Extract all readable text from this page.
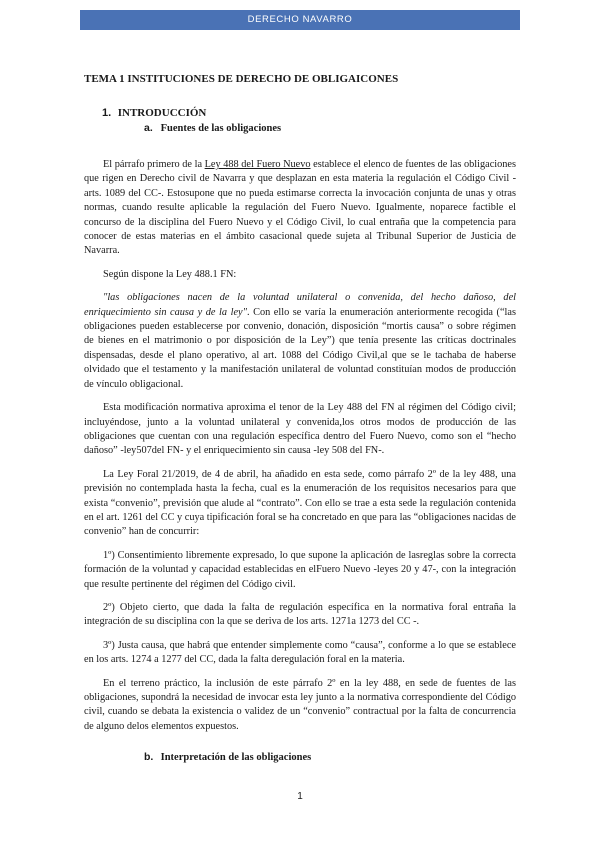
DERECHO NAVARRO
TEMA 1 INSTITUCIONES DE DERECHO DE OBLIGAICONES
1. INTRODUCCIÓN
a. Fuentes de las obligaciones

El párrafo primero de la Ley 488 del Fuero Nuevo establece el elenco de fuentes de las obligaciones que rigen en Derecho civil de Navarra y que desplazan en esta materia la regulación el Código Civil -arts. 1089 del CC-. Estosupone que no pueda estimarse correcta la invocación conjunta de unas y otras normas, cuando resulte aplicable la regulación del Fuero Nuevo. Igualmente, noparece factible el concurso de la disciplina del Fuero Nuevo y el Código Civil, lo cual entraña que la competencia para conocer de estas materias en el ámbito casacional quede sujeta al Tribunal Superior de Justicia de Navarra.

Según dispone la Ley 488.1 FN:

"las obligaciones nacen de la voluntad unilateral o convenida, del hecho dañoso, del enriquecimiento sin causa y de la ley". Con ello se varía la enumeración anteriormente recogida (“las obligaciones pueden establecerse por convenio, donación, disposición “mortis causa” o sobre régimen de bienes en el matrimonio o por disposición de la Ley”) que tenía presente las críticas doctrinales dispensadas, desde el plano operativo, al art. 1088 del Código Civil,al que se le tachaba de haberse olvidado que el testamento y la manifestación unilateral de voluntad constituían modos de producción de vínculo obligacional.

Esta modificación normativa aproxima el tenor de la Ley 488 del FN al régimen del Código civil; incluyéndose, junto a la voluntad unilateral y convenida,los otros modos de producción de las obligaciones que cuentan con una regulación específica dentro del Fuero Nuevo, como son el “hecho dañoso” -ley507del FN- y el enriquecimiento sin causa -ley 508 del FN-.

La Ley Foral 21/2019, de 4 de abril, ha añadido en esta sede, como párrafo 2º de la ley 488, una previsión no contemplada hasta la fecha, cual es la enumeración de los requisitos necesarios para que exista “convenio”, previsión que alude al “contrato”. Con ello se trae a esta sede la regulación contenida en el art. 1261 del CC y cuya tipificación foral se ha concretado en que para las “obligaciones nacidas de convenio” han de concurrir:

1º) Consentimiento libremente expresado, lo que supone la aplicación de lasreglas sobre la correcta formación de la voluntad y capacidad establecidas en elFuero Nuevo -leyes 20 y 47-, con la integración que resulte pertinente del régimen del Código civil.

2º) Objeto cierto, que dada la falta de regulación específica en la normativa foral entraña la integración de su disciplina con la que se deriva de los arts. 1271a 1273 del CC -.

3º) Justa causa, que habrá que entender simplemente como “causa”, conforme a lo que se establece en los arts. 1274 a 1277 del CC, dada la falta deregulación foral en la materia.

En el terreno práctico, la inclusión de este párrafo 2º en la ley 488, en sede de fuentes de las obligaciones, supondrá la necesidad de invocar esta ley junto a la normativa correspondiente del Código civil, cuando se debata la existencia o validez de un “convenio” contractual por la falta de concurrencia de alguno delos elementos expuestos.

b. Interpretación de las obligaciones
1
